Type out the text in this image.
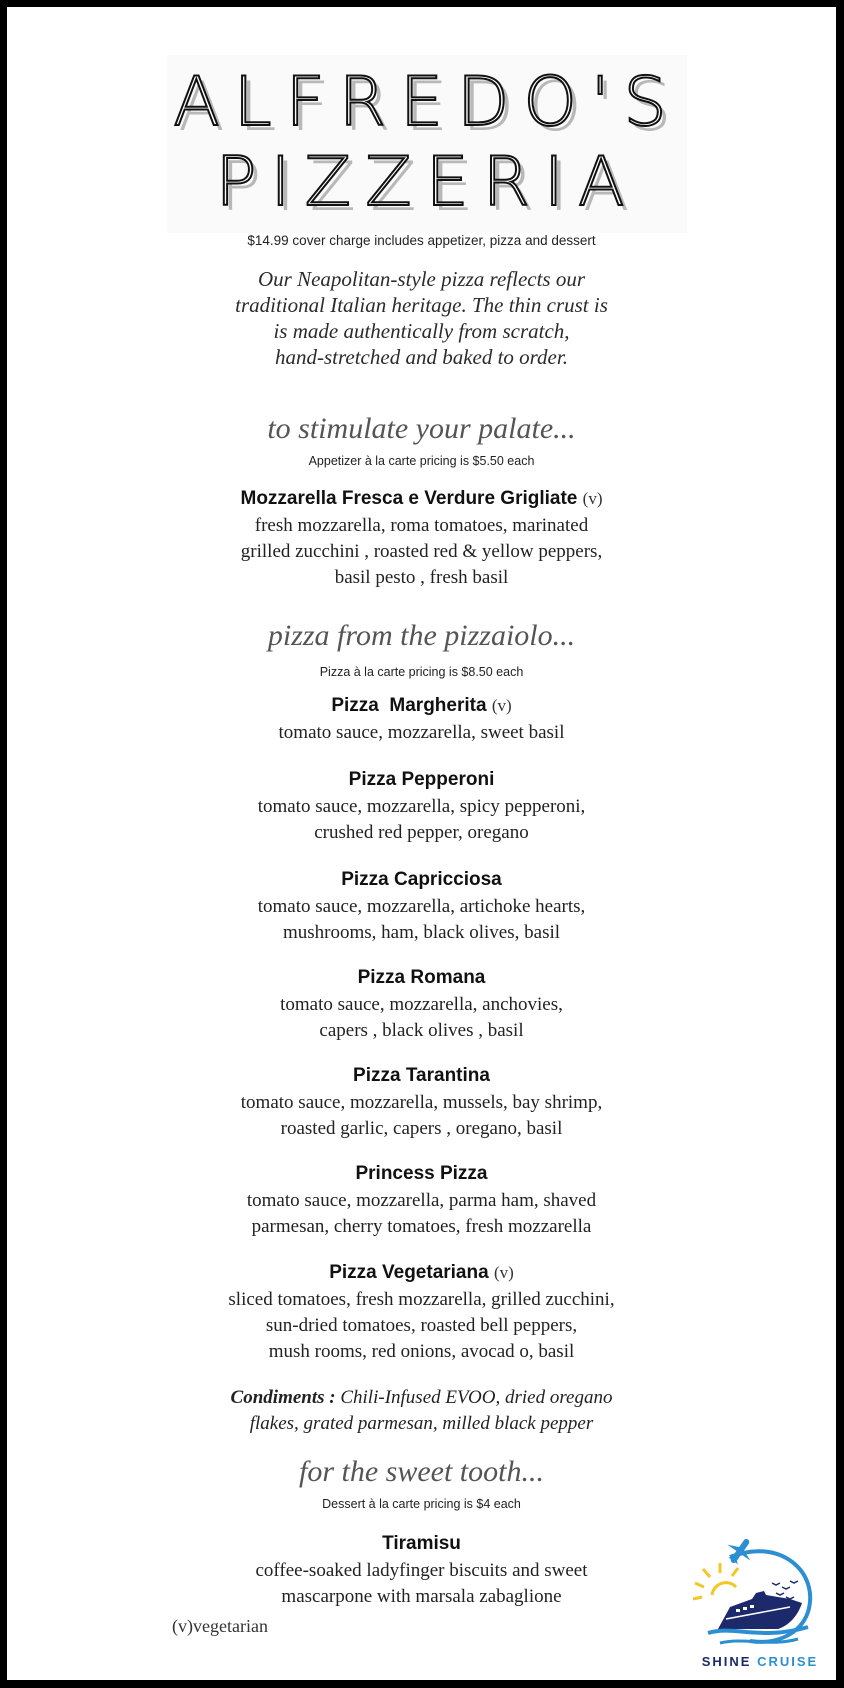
ALFREDO'S
PIZZERIA
$14.99 cover charge includes appetizer, pizza and dessert
Our Neapolitan-style pizza reflects our
traditional Italian heritage. The thin crust is
is made authentically from scratch,
hand-stretched and baked to order.
to stimulate your palate...
Appetizer à la carte pricing is $5.50 each
Mozzarella Fresca e Verdure Grigliate (v)
fresh mozzarella, roma tomatoes, marinated
grilled zucchini , roasted red & yellow peppers,
basil pesto , fresh basil
pizza from the pizzaiolo...
Pizza à la carte pricing is $8.50 each
Pizza  Margherita (v)
tomato sauce, mozzarella, sweet basil
Pizza Pepperoni
tomato sauce, mozzarella, spicy pepperoni,
crushed red pepper, oregano
Pizza Capricciosa
tomato sauce, mozzarella, artichoke hearts,
mushrooms, ham, black olives, basil
Pizza Romana
tomato sauce, mozzarella, anchovies,
capers , black olives , basil
Pizza Tarantina
tomato sauce, mozzarella, mussels, bay shrimp,
roasted garlic, capers , oregano, basil
Princess Pizza
tomato sauce, mozzarella, parma ham, shaved
parmesan, cherry tomatoes, fresh mozzarella
Pizza Vegetariana (v)
sliced tomatoes, fresh mozzarella, grilled zucchini,
sun-dried tomatoes, roasted bell peppers,
mush rooms, red onions, avocad o, basil
Condiments : Chili-Infused EVOO, dried oregano
flakes, grated parmesan, milled black pepper
for the sweet tooth...
Dessert à la carte pricing is $4 each
Tiramisu
coffee-soaked ladyfinger biscuits and sweet
mascarpone with marsala zabaglione
(v)vegetarian
SHINE CRUISE
